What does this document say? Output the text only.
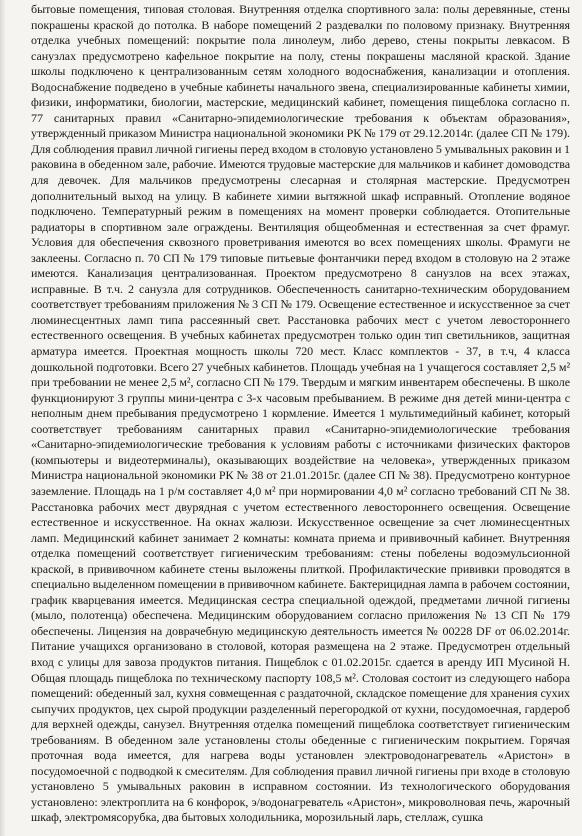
бытовые помещения, типовая столовая. Внутренняя отделка спортивного зала: полы деревянные, стены покрашены краской до потолка. В наборе помещений 2 раздевалки по половому признаку. Внутренняя отделка учебных помещений: покрытие пола линолеум, либо дерево, стены покрыты левкасом. В санузлах предусмотрено кафельное покрытие на полу, стены покрашены масляной краской. Здание школы подключено к централизованным сетям холодного водоснабжения, канализации и отопления. Водоснабжение подведено в учебные кабинеты начального звена, специализированные кабинеты химии, физики, информатики, биологии, мастерские, медицинский кабинет, помещения пищеблока согласно п. 77 санитарных правил «Санитарно-эпидемиологические требования к объектам образования», утвержденный приказом Министра национальной экономики РК № 179 от 29.12.2014г. (далее СП № 179). Для соблюдения правил личной гигиены перед входом в столовую установлено 5 умывальных раковин и 1 раковина в обеденном зале, рабочие. Имеются трудовые мастерские для мальчиков и кабинет домоводства для девочек. Для мальчиков предусмотрены слесарная и столярная мастерские. Предусмотрен дополнительный выход на улицу. В кабинете химии вытяжной шкаф исправный. Отопление водяное подключено. Температурный режим в помещениях на момент проверки соблюдается. Отопительные радиаторы в спортивном зале ограждены. Вентиляция общеобменная и естественная за счет фрамуг. Условия для обеспечения сквозного проветривания имеются во всех помещениях школы. Фрамуги не заклеены. Согласно п. 70 СП № 179 типовые питьевые фонтанчики перед входом в столовую на 2 этаже имеются. Канализация централизованная. Проектом предусмотрено 8 санузлов на всех этажах, исправные. В т.ч. 2 санузла для сотрудников. Обеспеченность санитарно-техническим оборудованием соответствует требованиям приложения № 3 СП № 179. Освещение естественное и искусственное за счет люминесцентных ламп типа рассеянный свет. Расстановка рабочих мест с учетом левостороннего естественного освещения. В учебных кабинетах предусмотрен только один тип светильников, защитная арматура имеется. Проектная мощность школы 720 мест. Класс комплектов - 37, в т.ч, 4 класса дошкольной подготовки. Всего 27 учебных кабинетов. Площадь учебная на 1 учащегося составляет 2,5 м² при требовании не менее 2,5 м², согласно СП № 179. Твердым и мягким инвентарем обеспечены. В школе функционируют 3 группы мини-центра с 3-х часовым пребыванием. В режиме дня детей мини-центра с неполным днем пребывания предусмотрено 1 кормление. Имеется 1 мультимедийный кабинет, который соответствует требованиям санитарных правил «Санитарно-эпидемиологические требования «Санитарно-эпидемиологические требования к условиям работы с источниками физических факторов (компьютеры и видеотерминалы), оказывающих воздействие на человека», утвержденных приказом Министра национальной экономики РК № 38 от 21.01.2015г. (далее СП № 38). Предусмотрено контурное заземление. Площадь на 1 р/м составляет 4,0 м² при нормировании 4,0 м² согласно требований СП № 38. Расстановка рабочих мест двурядная с учетом естественного левостороннего освещения. Освещение естественное и искусственное. На окнах жалюзи. Искусственное освещение за счет люминесцентных ламп. Медицинский кабинет занимает 2 комнаты: комната приема и прививочный кабинет. Внутренняя отделка помещений соответствует гигиеническим требованиям: стены побелены водоэмульсионной краской, в прививочном кабинете стены выложены плиткой. Профилактические прививки проводятся в специально выделенном помещении в прививочном кабинете. Бактерицидная лампа в рабочем состоянии, график кварцевания имеется. Медицинская сестра специальной одеждой, предметами личной гигиены (мыло, полотенца) обеспечена. Медицинским оборудованием согласно приложения № 13 СП № 179 обеспечены. Лицензия на доврачебную медицинскую деятельность имеется № 00228 DF от 06.02.2014г. Питание учащихся организовано в столовой, которая размещена на 2 этаже. Предусмотрен отдельный вход с улицы для завоза продуктов питания. Пищеблок с 01.02.2015г. сдается в аренду ИП Мусиной Н. Общая площадь пищеблока по техническому паспорту 108,5 м². Столовая состоит из следующего набора помещений: обеденный зал, кухня совмещенная с раздаточной, складское помещение для хранения сухих сыпучих продуктов, цех сырой продукции разделенный перегородкой от кухни, посудомоечная, гардероб для верхней одежды, санузел. Внутренняя отделка помещений пищеблока соответствует гигиеническим требованиям. В обеденном зале установлены столы обеденные с гигиеническим покрытием. Горячая проточная вода имеется, для нагрева воды установлен электроводонагреватель «Аристон» в посудомоечной с подводкой к смесителям. Для соблюдения правил личной гигиены при входе в столовую установлено 5 умывальных раковин в исправном состоянии. Из технологического оборудования установлено: электроплита на 6 конфорок, э/водонагреватель «Аристон», микроволновая печь, жарочный шкаф, электромясорубка, два бытовых холодильника, морозильный ларь, стеллаж, сушка
